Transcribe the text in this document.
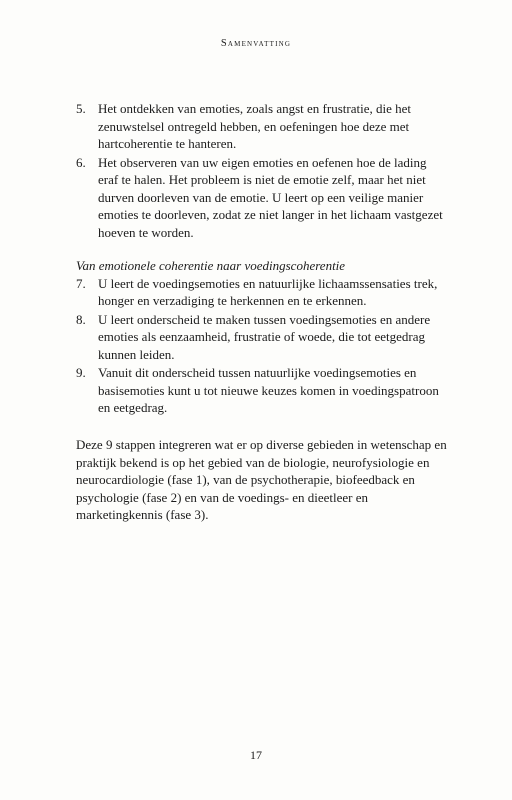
Samenvatting
5. Het ontdekken van emoties, zoals angst en frustratie, die het zenuwstelsel ontregeld hebben, en oefeningen hoe deze met hartcoherentie te hanteren.
6. Het observeren van uw eigen emoties en oefenen hoe de lading eraf te halen. Het probleem is niet de emotie zelf, maar het niet durven doorleven van de emotie. U leert op een veilige manier emoties te doorleven, zodat ze niet langer in het lichaam vastgezet hoeven te worden.
Van emotionele coherentie naar voedingscoherentie
7. U leert de voedingsemoties en natuurlijke lichaamssensaties trek, honger en verzadiging te herkennen en te erkennen.
8. U leert onderscheid te maken tussen voedingsemoties en andere emoties als eenzaamheid, frustratie of woede, die tot eetgedrag kunnen leiden.
9. Vanuit dit onderscheid tussen natuurlijke voedingsemoties en basisemoties kunt u tot nieuwe keuzes komen in voedingspatroon en eetgedrag.
Deze 9 stappen integreren wat er op diverse gebieden in wetenschap en praktijk bekend is op het gebied van de biologie, neurofysiologie en neurocardiologie (fase 1), van de psychotherapie, biofeedback en psychologie (fase 2) en van de voedings- en dieetleer en marketingkennis (fase 3).
17
